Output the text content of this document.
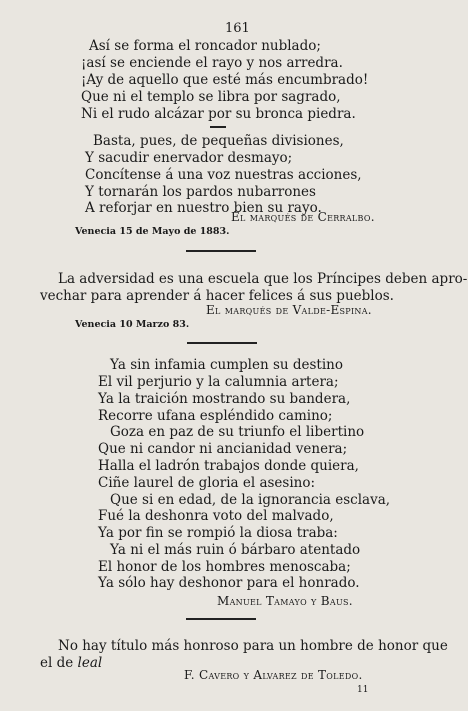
161
Así se forma el roncador nublado;
¡así se enciende el rayo y nos arredra.
¡Ay de aquello que esté más encumbrado!
Que ni el templo se libra por sagrado,
Ni el rudo alcázar por su bronca piedra.
Basta, pues, de pequeñas divisiones,
Y sacudir enervador desmayo;
Concítense á una voz nuestras acciones,
Y tornarán los pardos nubarrones
A reforjar en nuestro bien su rayo.
El marqués de Cerralbo.
Venecia 15 de Mayo de 1883.
La adversidad es una escuela que los Príncipes deben apro-
vechar para aprender á hacer felices á sus pueblos.
El marqués de Valde-Espina.
Venecia 10 Marzo 83.
Ya sin infamia cumplen su destino
El vil perjurio y la calumnia artera;
Ya la traición mostrando su bandera,
Recorre ufana espléndido camino;
Goza en paz de su triunfo el libertino
Que ni candor ni ancianidad venera;
Halla el ladrón trabajos donde quiera,
Ciñe laurel de gloria el asesino:
Que si en edad, de la ignorancia esclava,
Fué la deshonra voto del malvado,
Ya por fin se rompió la diosa traba:
Ya ni el más ruin ó bárbaro atentado
El honor de los hombres menoscaba;
Ya sólo hay deshonor para el honrado.
Manuel Tamayo y Baus.
No hay título más honroso para un hombre de honor que
el de leal
F. Cavero y Alvarez de Toledo.
11
